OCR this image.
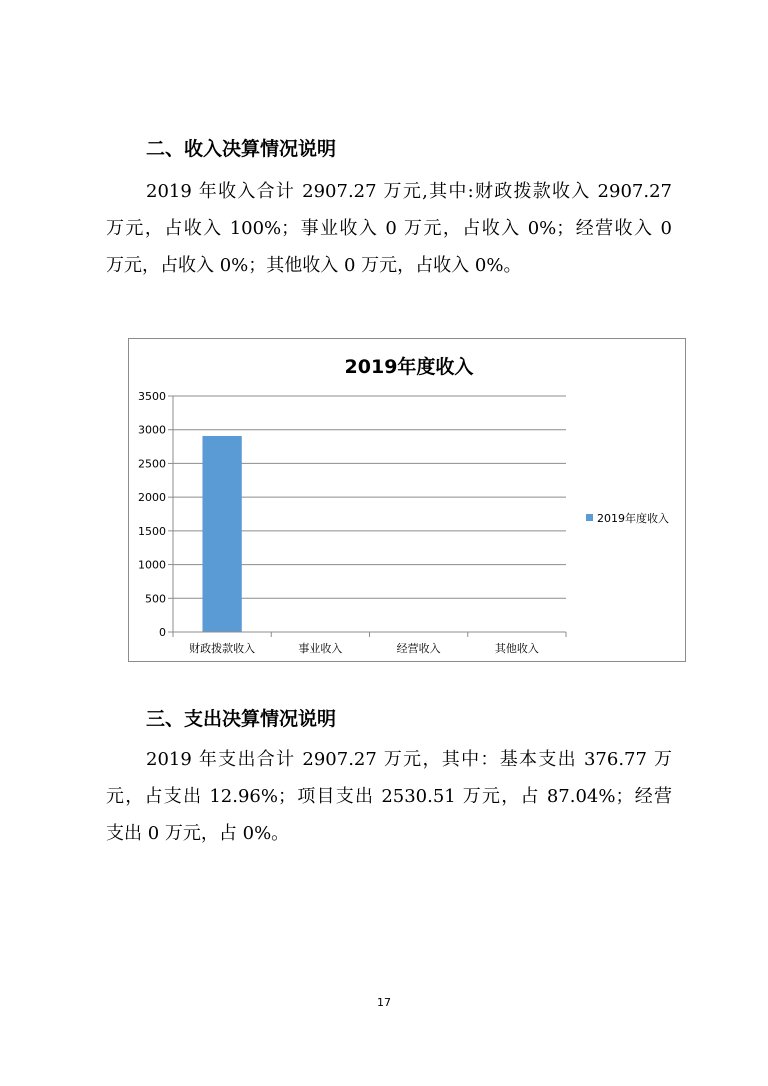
二、收入决算情况说明
2019 年收入合计 2907.27 万元,其中:财政拨款收入 2907.27
万元，占收入 100%；事业收入 0 万元，占收入 0%；经营收入 0
万元，占收入 0%；其他收入 0 万元，占收入 0%。
2019年度收入
0
500
1000
1500
2000
2500
3000
3500
财政拨款收入	事业收入	经营收入	其他收入
2019年度收入
三、支出决算情况说明
2019 年支出合计 2907.27 万元，其中：基本支出 376.77 万
元，占支出 12.96%；项目支出 2530.51 万元，占 87.04%；经营
支出 0 万元，占 0%。
17
